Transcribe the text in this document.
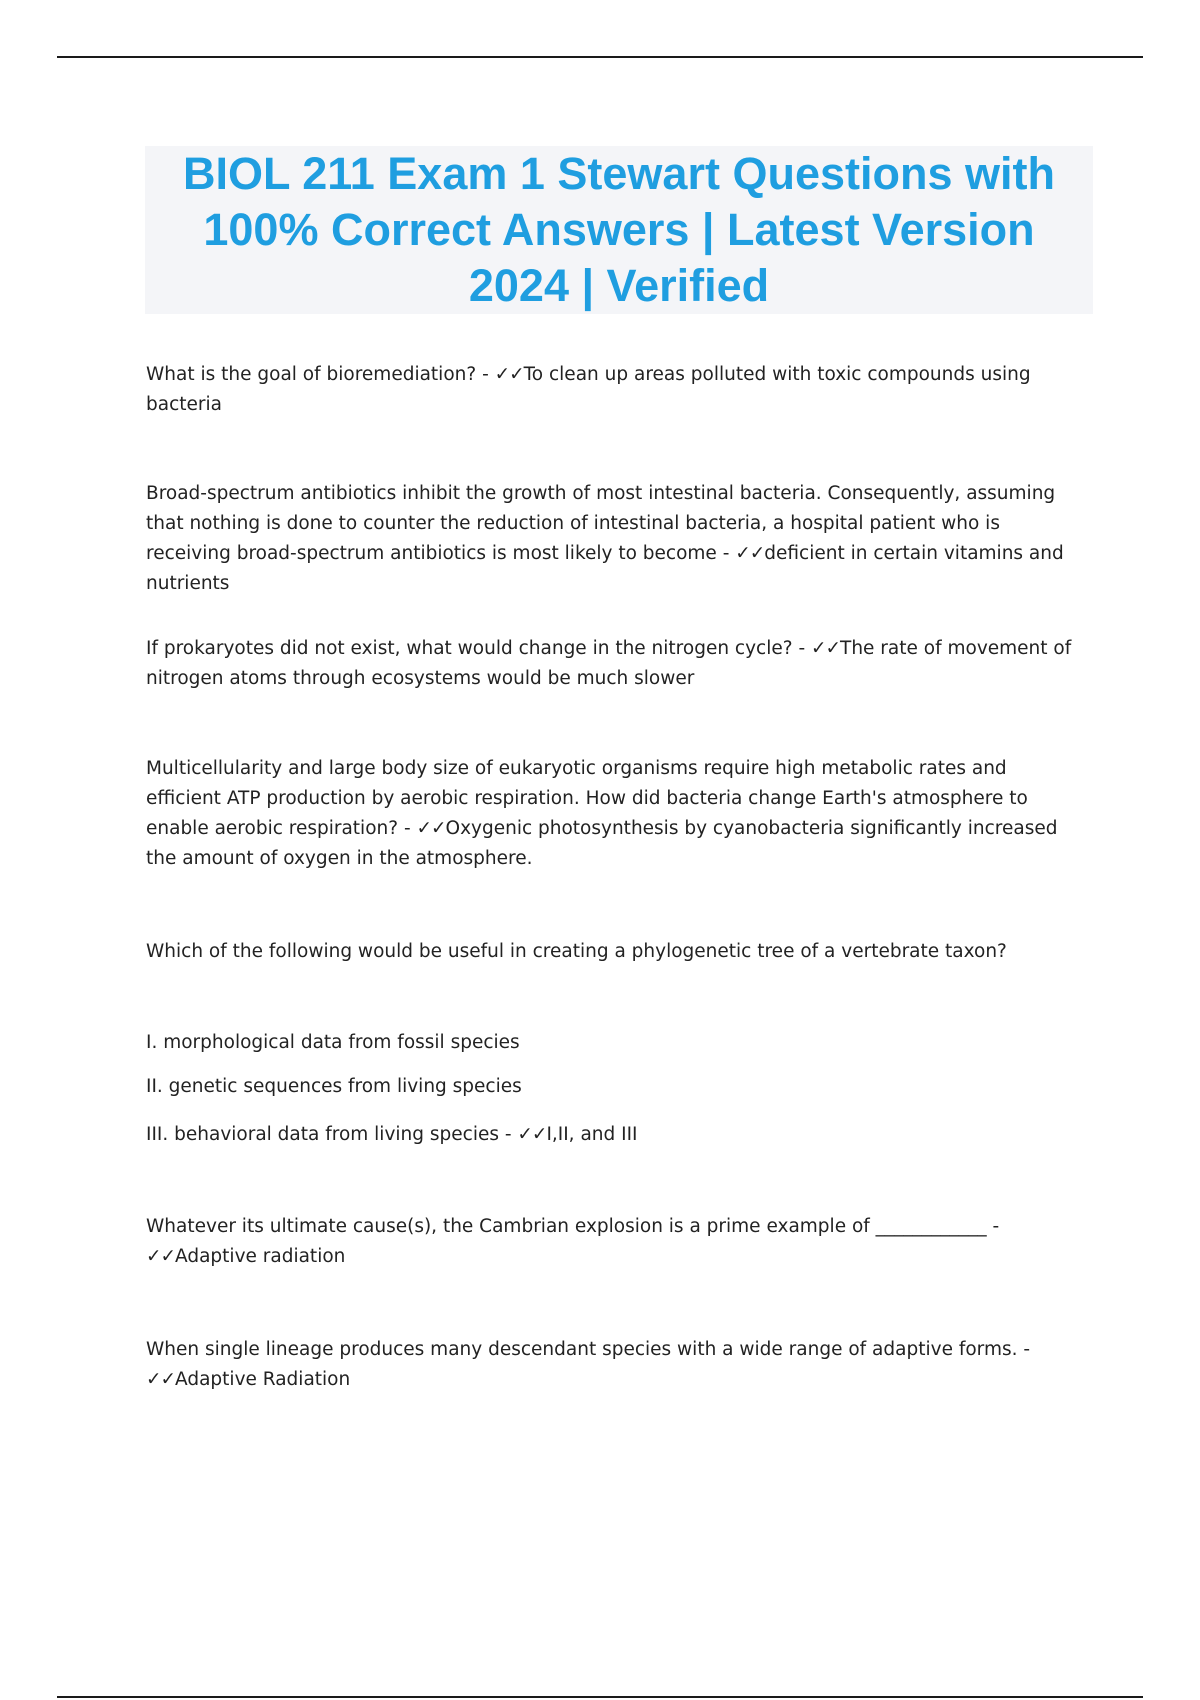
BIOL 211 Exam 1 Stewart Questions with 100% Correct Answers | Latest Version 2024 | Verified

What is the goal of bioremediation? - ✓✓To clean up areas polluted with toxic compounds using bacteria

Broad-spectrum antibiotics inhibit the growth of most intestinal bacteria. Consequently, assuming that nothing is done to counter the reduction of intestinal bacteria, a hospital patient who is receiving broad-spectrum antibiotics is most likely to become - ✓✓deficient in certain vitamins and nutrients

If prokaryotes did not exist, what would change in the nitrogen cycle? - ✓✓The rate of movement of nitrogen atoms through ecosystems would be much slower

Multicellularity and large body size of eukaryotic organisms require high metabolic rates and efficient ATP production by aerobic respiration. How did bacteria change Earth's atmosphere to enable aerobic respiration? - ✓✓Oxygenic photosynthesis by cyanobacteria significantly increased the amount of oxygen in the atmosphere.

Which of the following would be useful in creating a phylogenetic tree of a vertebrate taxon?

I. morphological data from fossil species

II. genetic sequences from living species

III. behavioral data from living species - ✓✓I,II, and III

Whatever its ultimate cause(s), the Cambrian explosion is a prime example of ____________ - ✓✓Adaptive radiation

When single lineage produces many descendant species with a wide range of adaptive forms. - ✓✓Adaptive Radiation
